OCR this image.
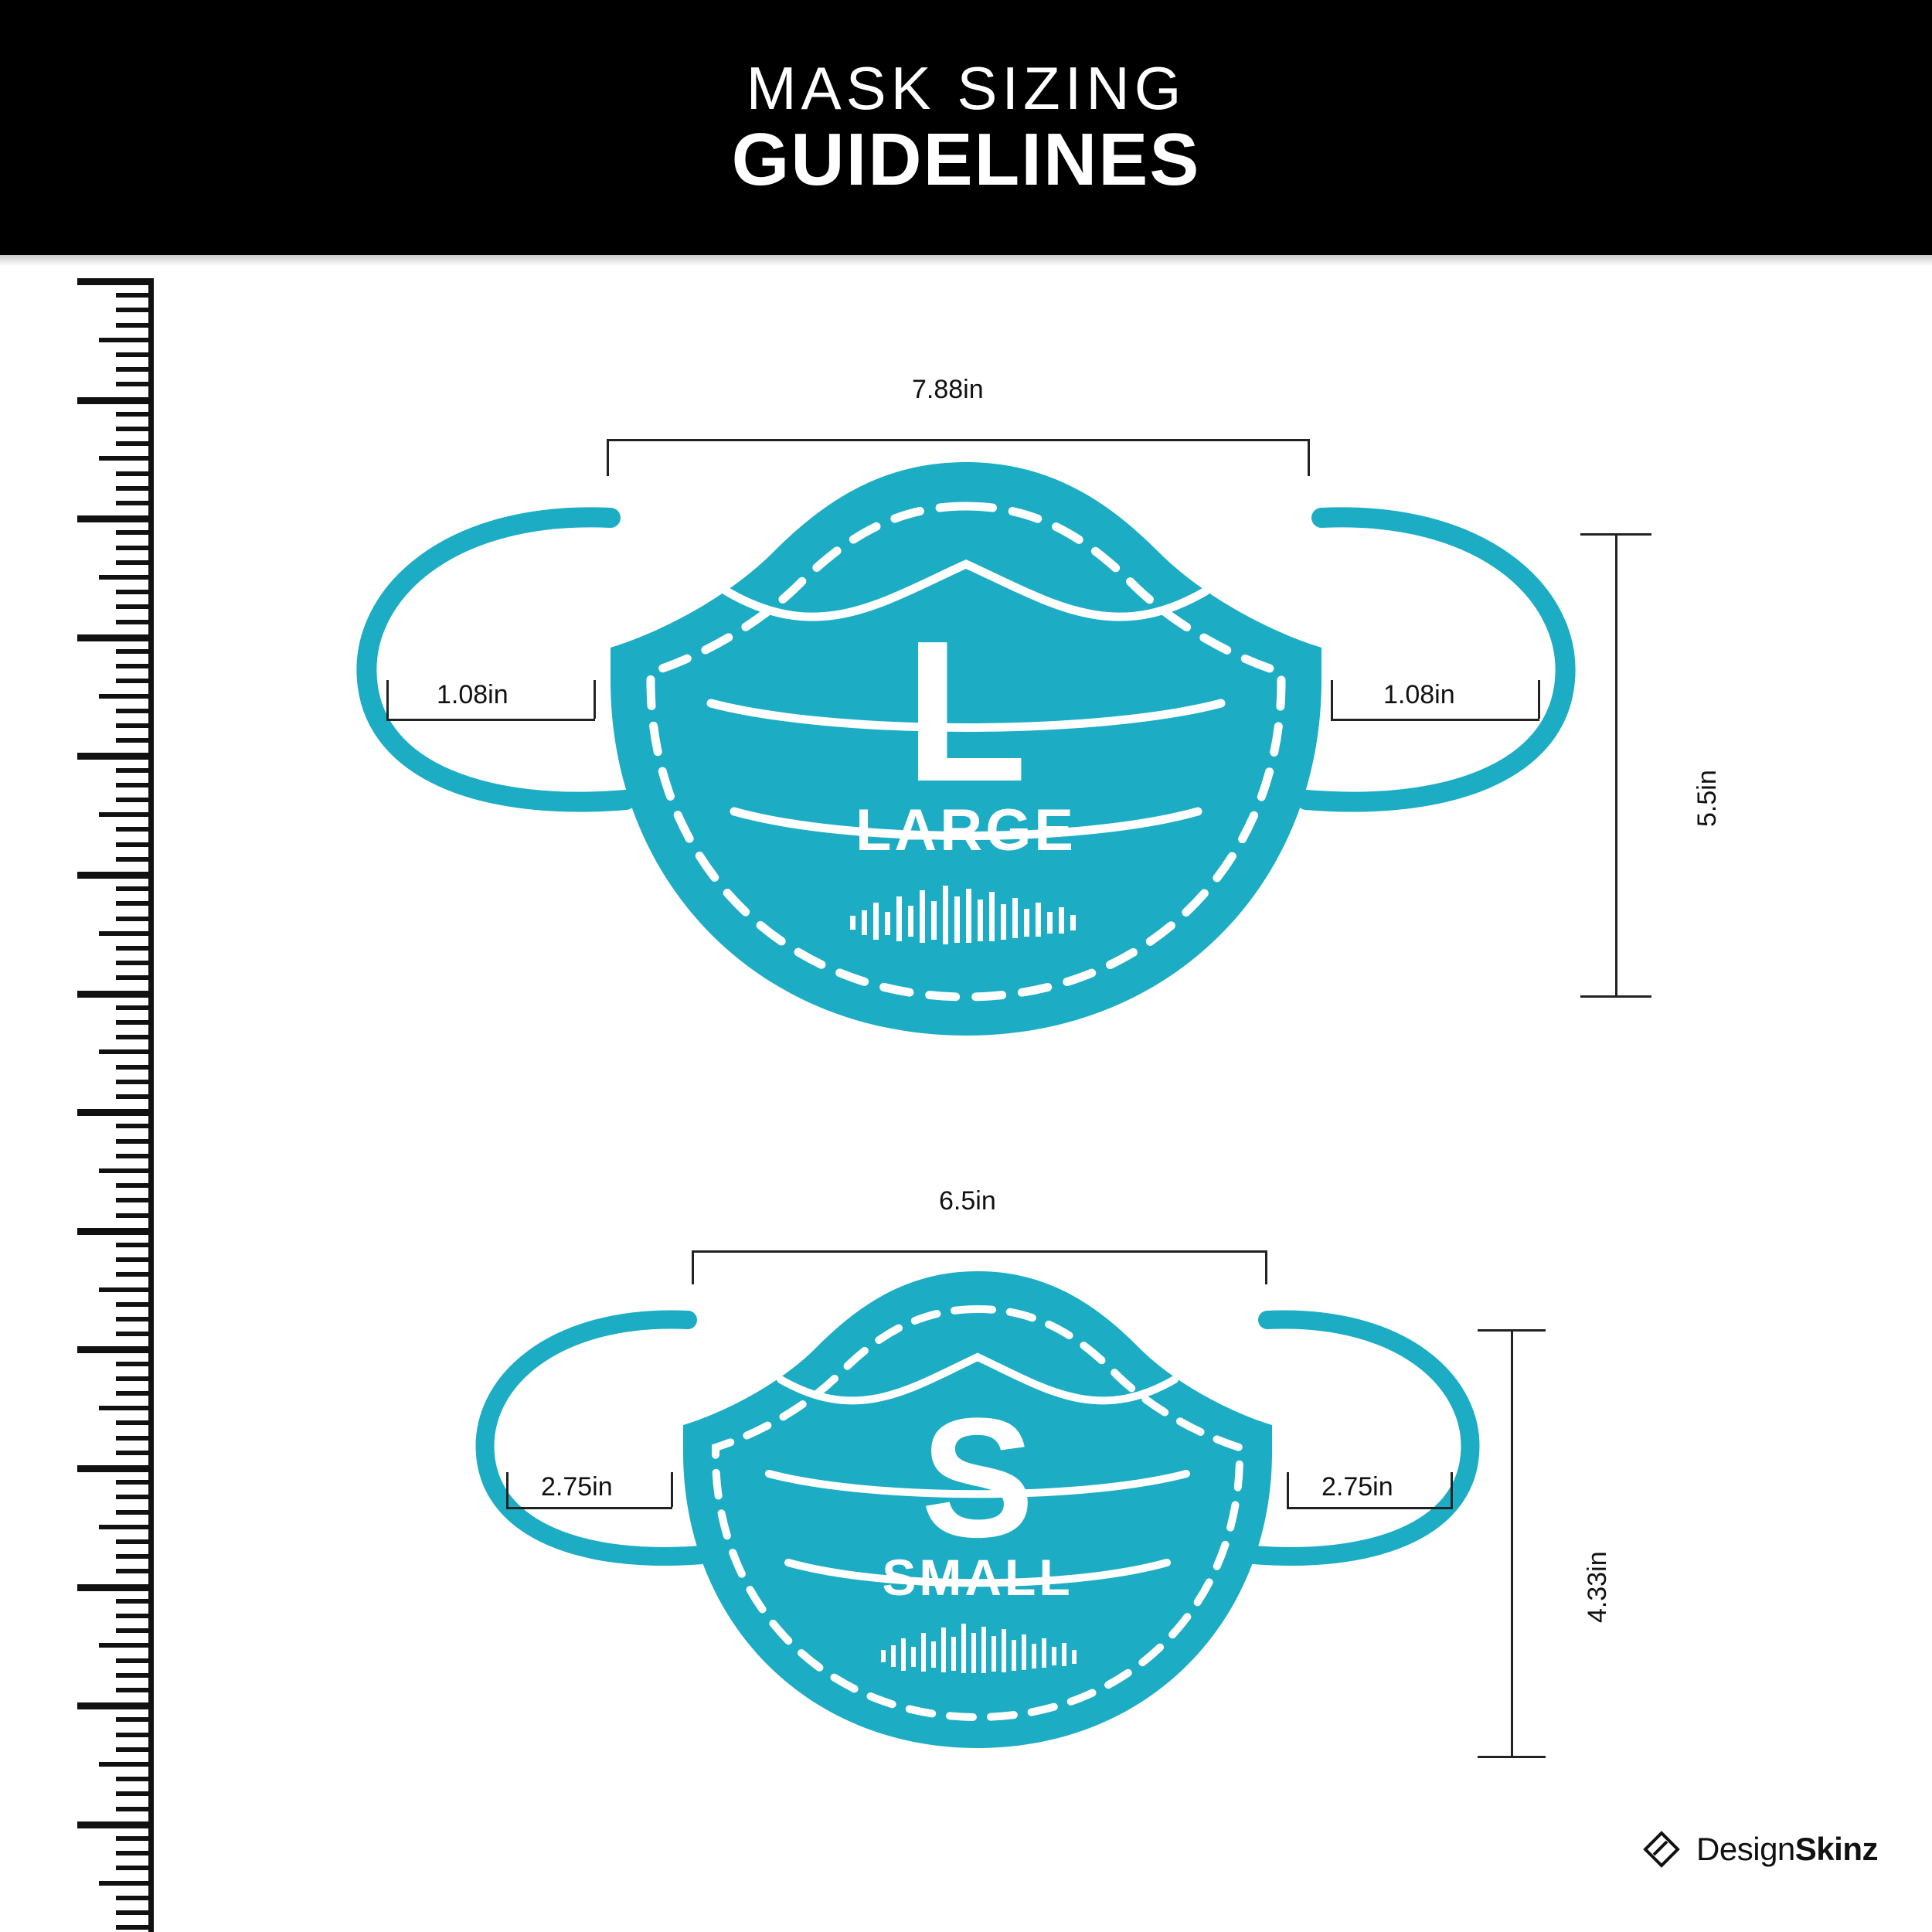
MASK SIZING
GUIDELINES
7.88in
L
LARGE
1.08in	1.08in
5.5in
6.5in
S
SMALL
2.75in	2.75in
4.33in
DesignSkinz
